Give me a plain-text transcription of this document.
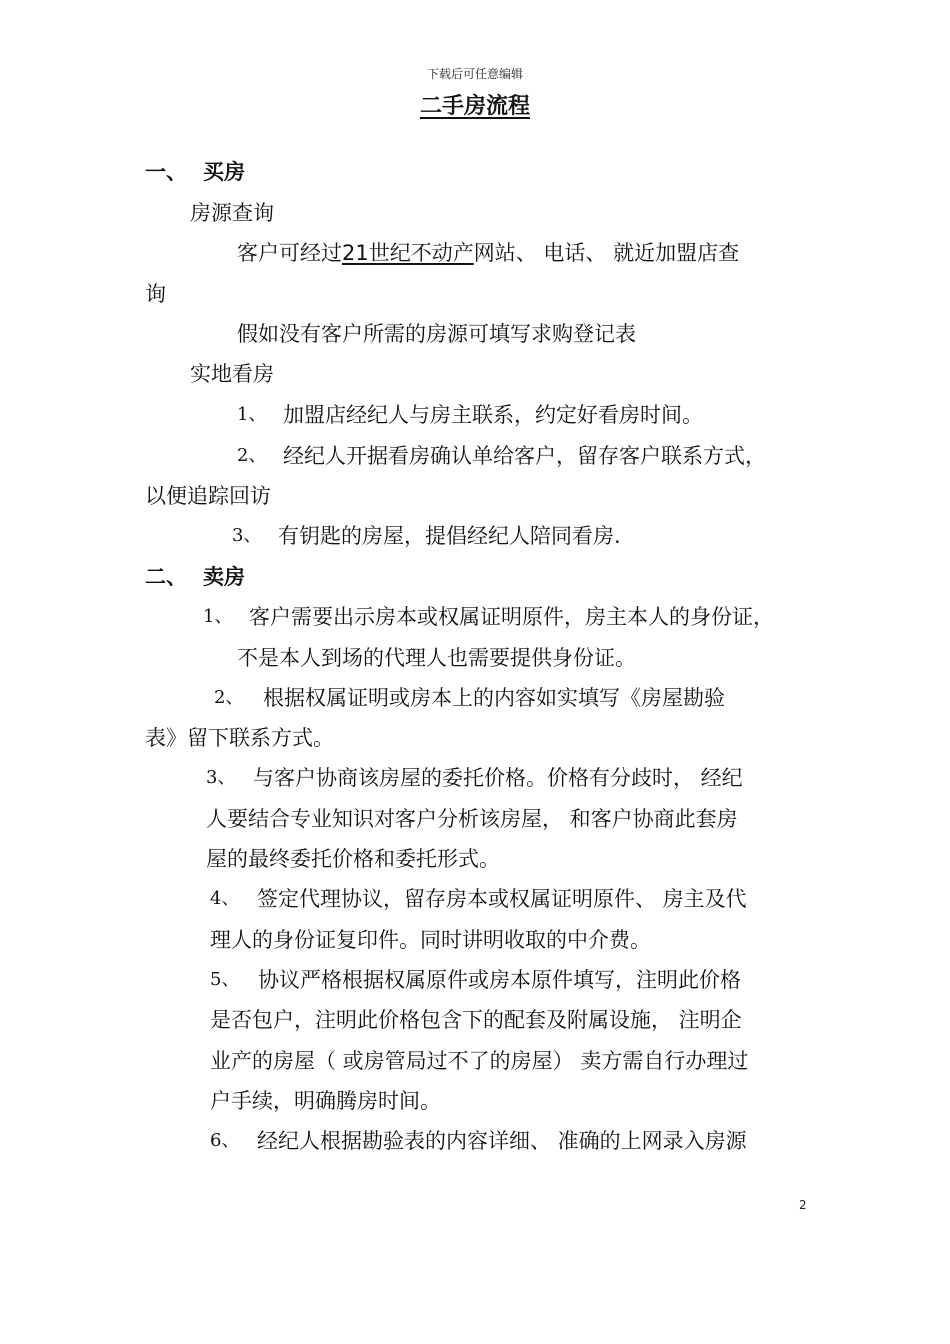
下载后可任意编辑
二手房流程
一、 买房
房源查询
客户可经过21世纪不动产网站、 电话、 就近加盟店查
询
假如没有客户所需的房源可填写求购登记表
实地看房
1、 加盟店经纪人与房主联系，约定好看房时间。
2、 经纪人开据看房确认单给客户，留存客户联系方式，
以便追踪回访
3、 有钥匙的房屋，提倡经纪人陪同看房.
二、 卖房
1、 客户需要出示房本或权属证明原件，房主本人的身份证，
不是本人到场的代理人也需要提供身份证。
2、 根据权属证明或房本上的内容如实填写《房屋勘验
表》留下联系方式。
3、 与客户协商该房屋的委托价格。价格有分歧时， 经纪
人要结合专业知识对客户分析该房屋， 和客户协商此套房
屋的最终委托价格和委托形式。
4、 签定代理协议，留存房本或权属证明原件、 房主及代
理人的身份证复印件。同时讲明收取的中介费。
5、 协议严格根据权属原件或房本原件填写，注明此价格
是否包户，注明此价格包含下的配套及附属设施， 注明企
业产的房屋（ 或房管局过不了的房屋） 卖方需自行办理过
户手续，明确腾房时间。
6、 经纪人根据勘验表的内容详细、 准确的上网录入房源
2
